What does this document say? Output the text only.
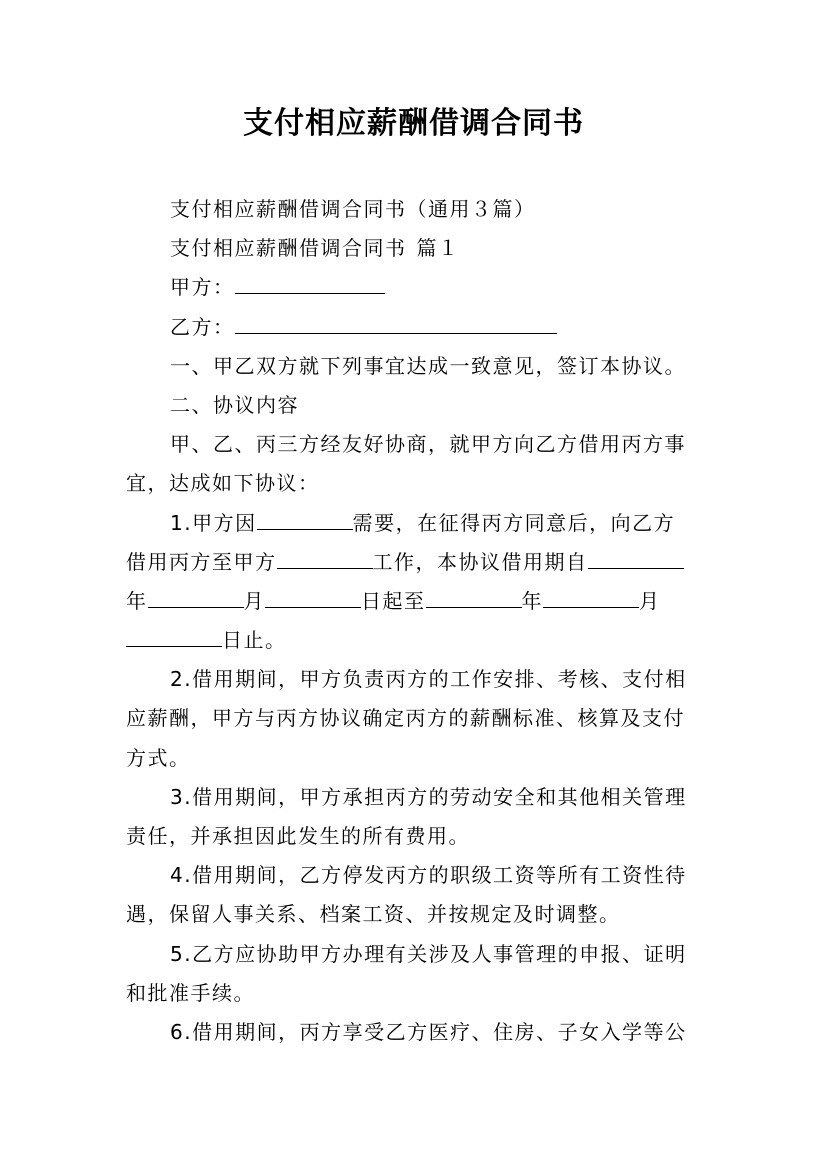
支付相应薪酬借调合同书

支付相应薪酬借调合同书（通用３篇）

支付相应薪酬借调合同书 篇１

甲方：

乙方：

一、甲乙双方就下列事宜达成一致意见，签订本协议。

二、协议内容

甲、乙、丙三方经友好协商，就甲方向乙方借用丙方事

宜，达成如下协议：

1.甲方因	需要，在征得丙方同意后，向乙方

借用丙方至甲方	工作，本协议借用期自

年	月	日起至	年	月

日止。

2.借用期间，甲方负责丙方的工作安排、考核、支付相

应薪酬，甲方与丙方协议确定丙方的薪酬标准、核算及支付

方式。

3.借用期间，甲方承担丙方的劳动安全和其他相关管理

责任，并承担因此发生的所有费用。

4.借用期间，乙方停发丙方的职级工资等所有工资性待

遇，保留人事关系、档案工资、并按规定及时调整。

5.乙方应协助甲方办理有关涉及人事管理的申报、证明

和批准手续。

6.借用期间，丙方享受乙方医疗、住房、子女入学等公
